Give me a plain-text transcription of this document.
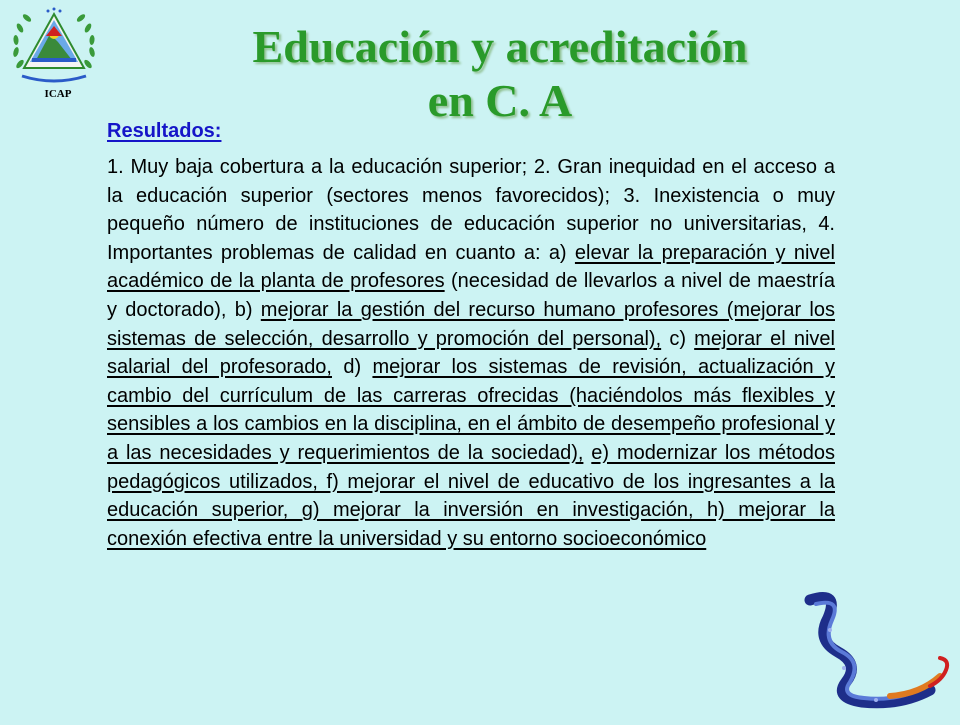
ICAP
Educación y acreditación
en C. A
Resultados:
1. Muy baja cobertura a la educación superior; 2. Gran inequidad en el acceso a la educación superior (sectores menos favorecidos); 3. Inexistencia o muy pequeño número de instituciones de educación superior no universitarias, 4. Importantes problemas de calidad en cuanto a: a) elevar la preparación y nivel académico de la planta de profesores (necesidad de llevarlos a nivel de maestría y doctorado), b) mejorar la gestión del recurso humano profesores (mejorar los sistemas de selección, desarrollo y promoción del personal), c) mejorar el nivel salarial del profesorado, d) mejorar los sistemas de revisión, actualización y cambio del currículum de las carreras ofrecidas (haciéndolos más flexibles y sensibles a los cambios en la disciplina, en el ámbito de desempeño profesional y a las necesidades y requerimientos de la sociedad), e) modernizar los métodos pedagógicos utilizados, f) mejorar el nivel de educativo de los ingresantes a la educación superior, g) mejorar la inversión en investigación, h) mejorar la conexión efectiva entre la universidad y su entorno socioeconómico
